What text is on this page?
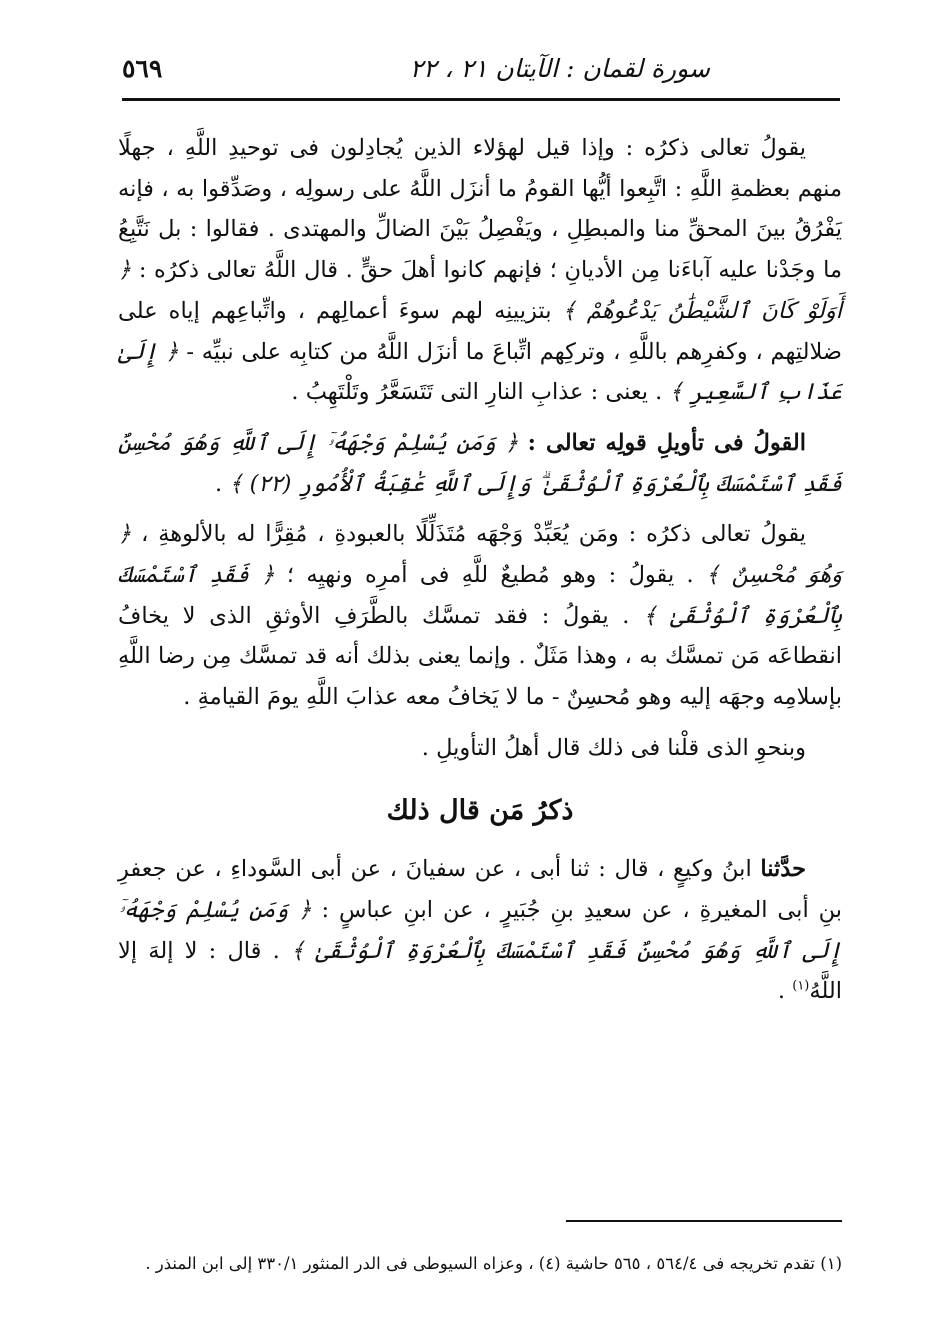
سورة لقمان : الآيتان ٢١ ، ٢٢
٥٦٩

يقولُ تعالى ذكرُه : وإذا قيل لهؤلاء الذين يُجادِلون فى توحيدِ اللَّهِ ، جهلًا منهم بعظمةِ اللَّهِ : اتَّبِعوا أيُّها القومُ ما أنزَل اللَّهُ على رسولِه ، وصَدِّقوا به ، فإنه يَفْرُقُ بينَ المحقِّ منا والمبطِلِ ، ويَفْصِلُ بَيْنَ الضالِّ والمهتدى . فقالوا : بل نَتَّبِعُ ما وجَدْنا عليه آباءَنا مِن الأديانِ ؛ فإنهم كانوا أهلَ حقٍّ . قال اللَّهُ تعالى ذكرُه : ﴿ أَوَلَوْ كَانَ ٱلشَّيْطَٰنُ يَدْعُوهُمْ ﴾ بتزيينِه لهم سوءَ أعمالِهم ، واتِّباعِهم إياه على ضلالتِهم ، وكفرِهم باللَّهِ ، وتركِهم اتِّباعَ ما أنزَل اللَّهُ من كتابِه على نبيِّه - ﴿ إِلَىٰ عَذَابِ ٱلسَّعِيرِ ﴾ . يعنى : عذابِ النارِ التى تَتَسَعَّرُ وتَلْتَهِبُ .

القولُ فى تأويلِ قولِه تعالى : ﴿ وَمَن يُسْلِمْ وَجْهَهُۥٓ إِلَى ٱللَّهِ وَهُوَ مُحْسِنٌ فَقَدِ ٱسْتَمْسَكَ بِٱلْعُرْوَةِ ٱلْوُثْقَىٰ ۗ وَإِلَى ٱللَّهِ عَٰقِبَةُ ٱلْأُمُورِ (٢٢) ﴾ .

يقولُ تعالى ذكرُه : ومَن يُعَبِّدْ وَجْهَه مُتَذَلِّلًا بالعبودةِ ، مُقِرًّا له بالألوهةِ ، ﴿ وَهُوَ مُحْسِنٌ ﴾ . يقولُ : وهو مُطيعٌ للَّهِ فى أمرِه ونهيِه ؛ ﴿ فَقَدِ ٱسْتَمْسَكَ بِٱلْعُرْوَةِ ٱلْوُثْقَىٰ ﴾ . يقولُ : فقد تمسَّك بالطَّرَفِ الأوثقِ الذى لا يخافُ انقطاعَه مَن تمسَّك به ، وهذا مَثَلٌ . وإنما يعنى بذلك أنه قد تمسَّك مِن رضا اللَّهِ بإسلامِه وجهَه إليه وهو مُحسِنٌ - ما لا يَخافُ معه عذابَ اللَّهِ يومَ القيامةِ .

وبنحوِ الذى قلْنا فى ذلك قال أهلُ التأويلِ .

ذكرُ مَن قال ذلك

حدَّثنا ابنُ وكيعٍ ، قال : ثنا أبى ، عن سفيانَ ، عن أبى السَّوداءِ ، عن جعفرِ بنِ أبى المغيرةِ ، عن سعيدِ بنِ جُبَيرٍ ، عن ابنِ عباسٍ : ﴿ وَمَن يُسْلِمْ وَجْهَهُۥٓ إِلَى ٱللَّهِ وَهُوَ مُحْسِنٌ فَقَدِ ٱسْتَمْسَكَ بِٱلْعُرْوَةِ ٱلْوُثْقَىٰ ﴾ . قال : لا إلهَ إلا اللَّهُ$^{(١)}$ .

(١) تقدم تخريجه فى ٥٦٤/٤ ، ٥٦٥ حاشية (٤) ، وعزاه السيوطى فى الدر المنثور ٣٣٠/١ إلى ابن المنذر .
